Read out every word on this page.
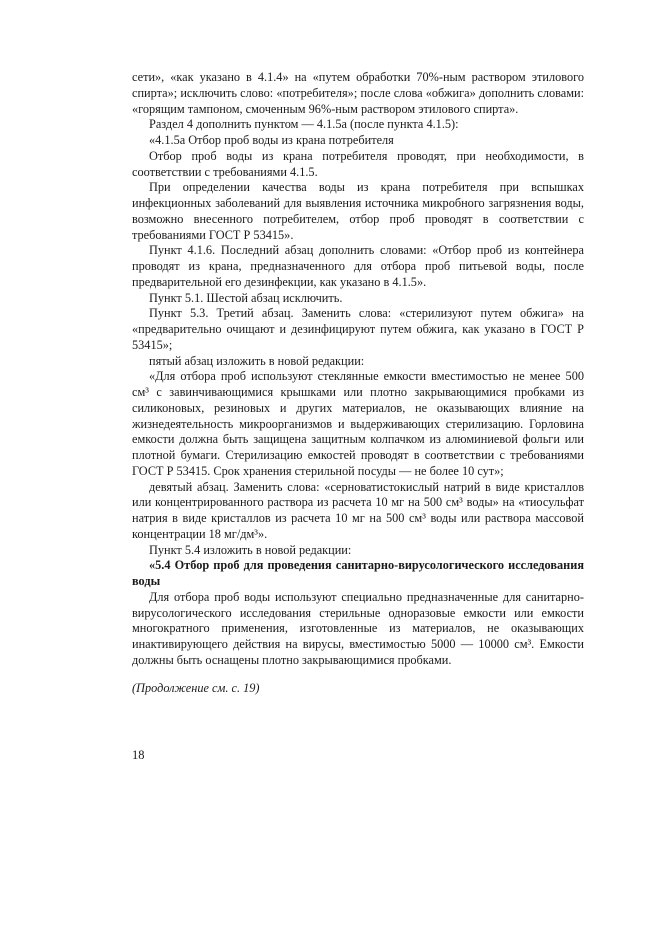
сети», «как указано в 4.1.4» на «путем обработки 70%-ным раствором этилового спирта»; исключить слово: «потребителя»; после слова «обжига» дополнить словами: «горящим тампоном, смоченным 96%-ным раствором этилового спирта».

Раздел 4 дополнить пунктом — 4.1.5а (после пункта 4.1.5):

«4.1.5а Отбор проб воды из крана потребителя

Отбор проб воды из крана потребителя проводят, при необходимости, в соответствии с требованиями 4.1.5.

При определении качества воды из крана потребителя при вспышках инфекционных заболеваний для выявления источника микробного загрязнения воды, возможно внесенного потребителем, отбор проб проводят в соответствии с требованиями ГОСТ Р 53415».

Пункт 4.1.6. Последний абзац дополнить словами: «Отбор проб из контейнера проводят из крана, предназначенного для отбора проб питьевой воды, после предварительной его дезинфекции, как указано в 4.1.5».

Пункт 5.1. Шестой абзац исключить.

Пункт 5.3. Третий абзац. Заменить слова: «стерилизуют путем обжига» на «предварительно очищают и дезинфицируют путем обжига, как указано в ГОСТ Р 53415»;

пятый абзац изложить в новой редакции:

«Для отбора проб используют стеклянные емкости вместимостью не менее 500 см³ с завинчивающимися крышками или плотно закрывающимися пробками из силиконовых, резиновых и других материалов, не оказывающих влияние на жизнедеятельность микроорганизмов и выдерживающих стерилизацию. Горловина емкости должна быть защищена защитным колпачком из алюминиевой фольги или плотной бумаги. Стерилизацию емкостей проводят в соответствии с требованиями ГОСТ Р 53415. Срок хранения стерильной посуды — не более 10 сут»;

девятый абзац. Заменить слова: «серноватистокислый натрий в виде кристаллов или концентрированного раствора из расчета 10 мг на 500 см³ воды» на «тиосульфат натрия в виде кристаллов из расчета 10 мг на 500 см³ воды или раствора массовой концентрации 18 мг/дм³».

Пункт 5.4 изложить в новой редакции:

«5.4 Отбор проб для проведения санитарно-вирусологического исследования воды

Для отбора проб воды используют специально предназначенные для санитарно-вирусологического исследования стерильные одноразовые емкости или емкости многократного применения, изготовленные из материалов, не оказывающих инактивирующего действия на вирусы, вместимостью 5000 — 10000 см³. Емкости должны быть оснащены плотно закрывающимися пробками.

(Продолжение см. с. 19)

18
